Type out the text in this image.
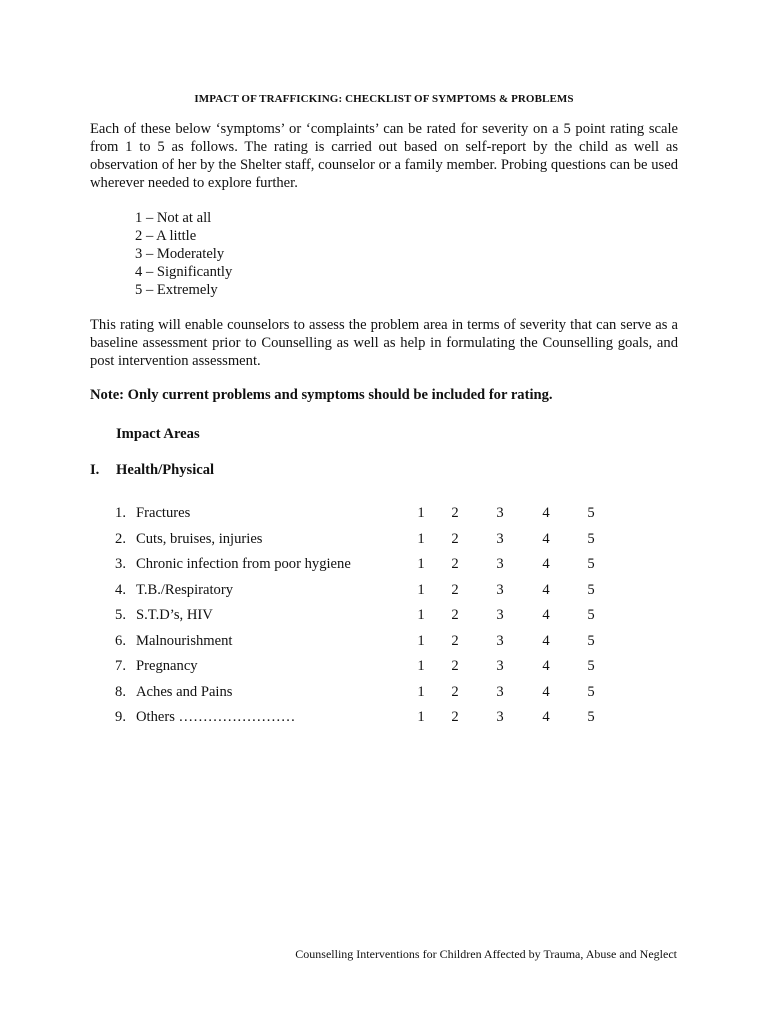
IMPACT OF TRAFFICKING: CHECKLIST OF SYMPTOMS & PROBLEMS

Each of these below ‘symptoms’ or ‘complaints’ can be rated for severity on a 5 point rating scale from 1 to 5 as follows. The rating is carried out based on self-report by the child as well as observation of her by the Shelter staff, counselor or a family member. Probing questions can be used wherever needed to explore further.

1 – Not at all
2 – A little
3 – Moderately
4 – Significantly
5 – Extremely

This rating will enable counselors to assess the problem area in terms of severity that can serve as a baseline assessment prior to Counselling as well as help in formulating the Counselling goals, and post intervention assessment.

Note: Only current problems and symptoms should be included for rating.
Impact Areas
I. Health/Physical
1. Fractures	1 2	3	4	5
2. Cuts, bruises, injuries	1 2	3	4	5
3. Chronic infection from poor hygiene	1 2	3	4	5
4. T.B./Respiratory	1 2	3	4	5
5. S.T.D’s, HIV	1 2	3	4	5
6. Malnourishment	1 2	3	4	5
7. Pregnancy	1 2	3	4	5
8. Aches and Pains	1 2	3	4	5
9. Others ……………………	1 2	3	4	5
Counselling Interventions for Children Affected by Trauma, Abuse and Neglect
